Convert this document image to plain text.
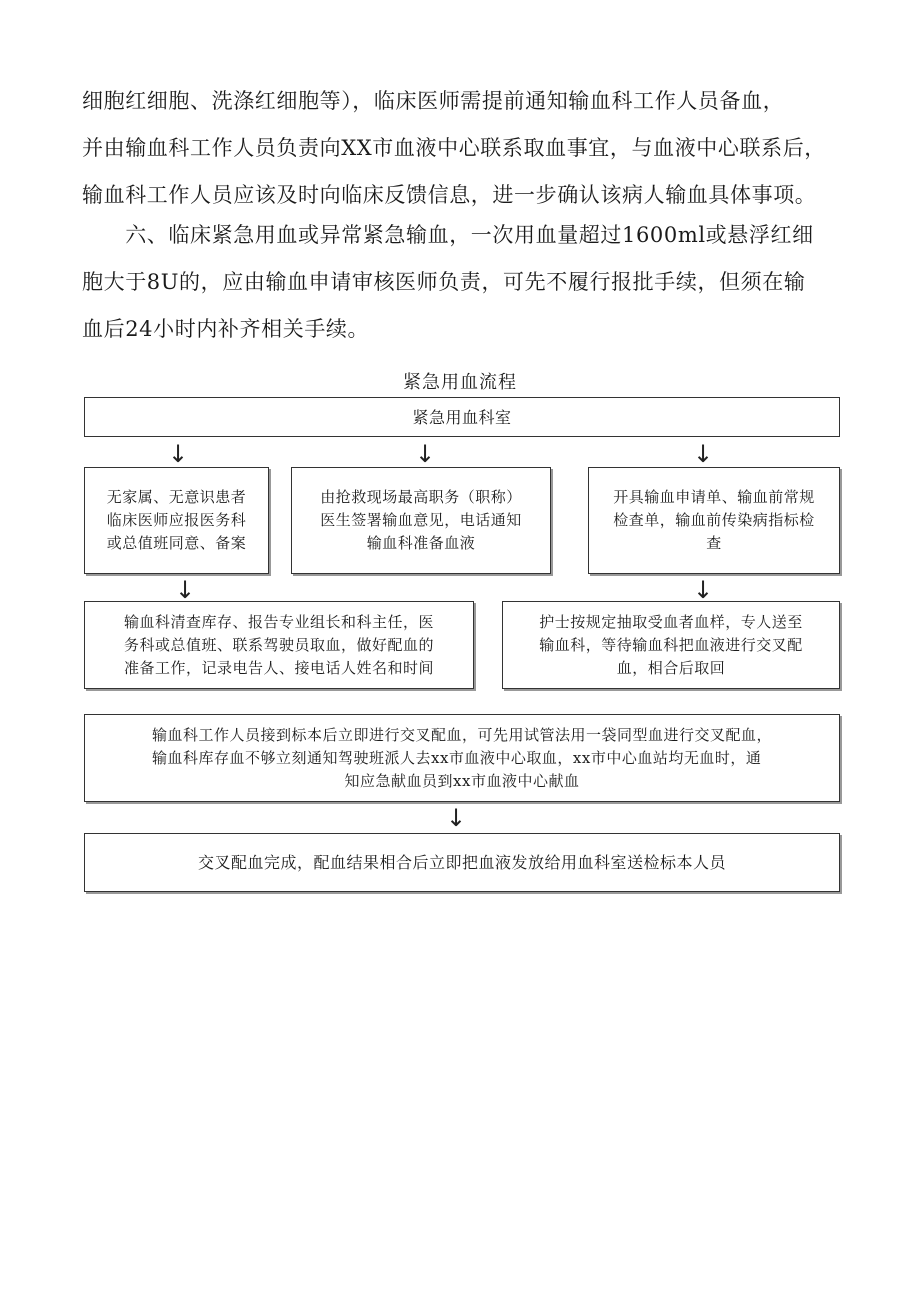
细胞红细胞、洗涤红细胞等），临床医师需提前通知输血科工作人员备血，
并由输血科工作人员负责向XX市血液中心联系取血事宜，与血液中心联系后，
输血科工作人员应该及时向临床反馈信息，进一步确认该病人输血具体事项。
　　六、临床紧急用血或异常紧急输血，一次用血量超过1600ml或悬浮红细
胞大于8U的，应由输血申请审核医师负责，可先不履行报批手续，但须在输
血后24小时内补齐相关手续。
紧急用血流程
紧急用血科室
↓	↓	↓
无家属、无意识患者
临床医师应报医务科
或总值班同意、备案
由抢救现场最高职务（职称）
医生签署输血意见，电话通知
输血科准备血液
开具输血申请单、输血前常规
检查单，输血前传染病指标检
查
↓	↓
输血科清查库存、报告专业组长和科主任，医
务科或总值班、联系驾驶员取血，做好配血的
准备工作，记录电告人、接电话人姓名和时间
护士按规定抽取受血者血样，专人送至
输血科，等待输血科把血液进行交叉配
血，相合后取回
输血科工作人员接到标本后立即进行交叉配血，可先用试管法用一袋同型血进行交叉配血，
输血科库存血不够立刻通知驾驶班派人去xx市血液中心取血，xx市中心血站均无血时，通
知应急献血员到xx市血液中心献血
↓
交叉配血完成，配血结果相合后立即把血液发放给用血科室送检标本人员
